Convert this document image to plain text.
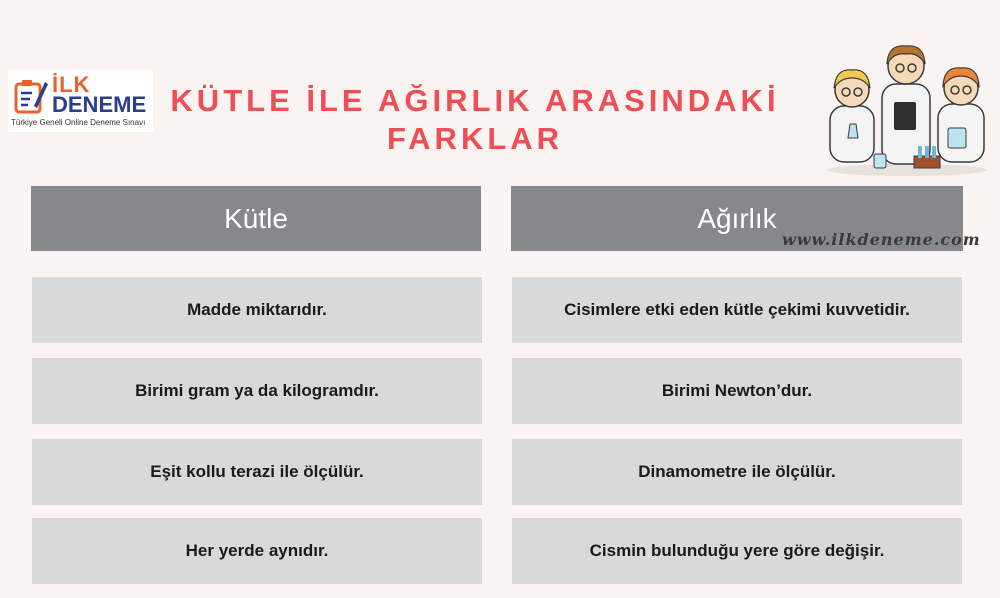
İLK
DENEME
Türkiye Geneli Online Deneme Sınavı
KÜTLE İLE AĞIRLIK ARASINDAKİ
FARKLAR
Kütle	Ağırlık
www.ilkdeneme.com
Madde miktarıdır.
Birimi gram ya da kilogramdır.
Eşit kollu terazi ile ölçülür.
Her yerde aynıdır.
Cisimlere etki eden kütle çekimi kuvvetidir.
Birimi Newton’dur.
Dinamometre ile ölçülür.
Cismin bulunduğu yere göre değişir.
